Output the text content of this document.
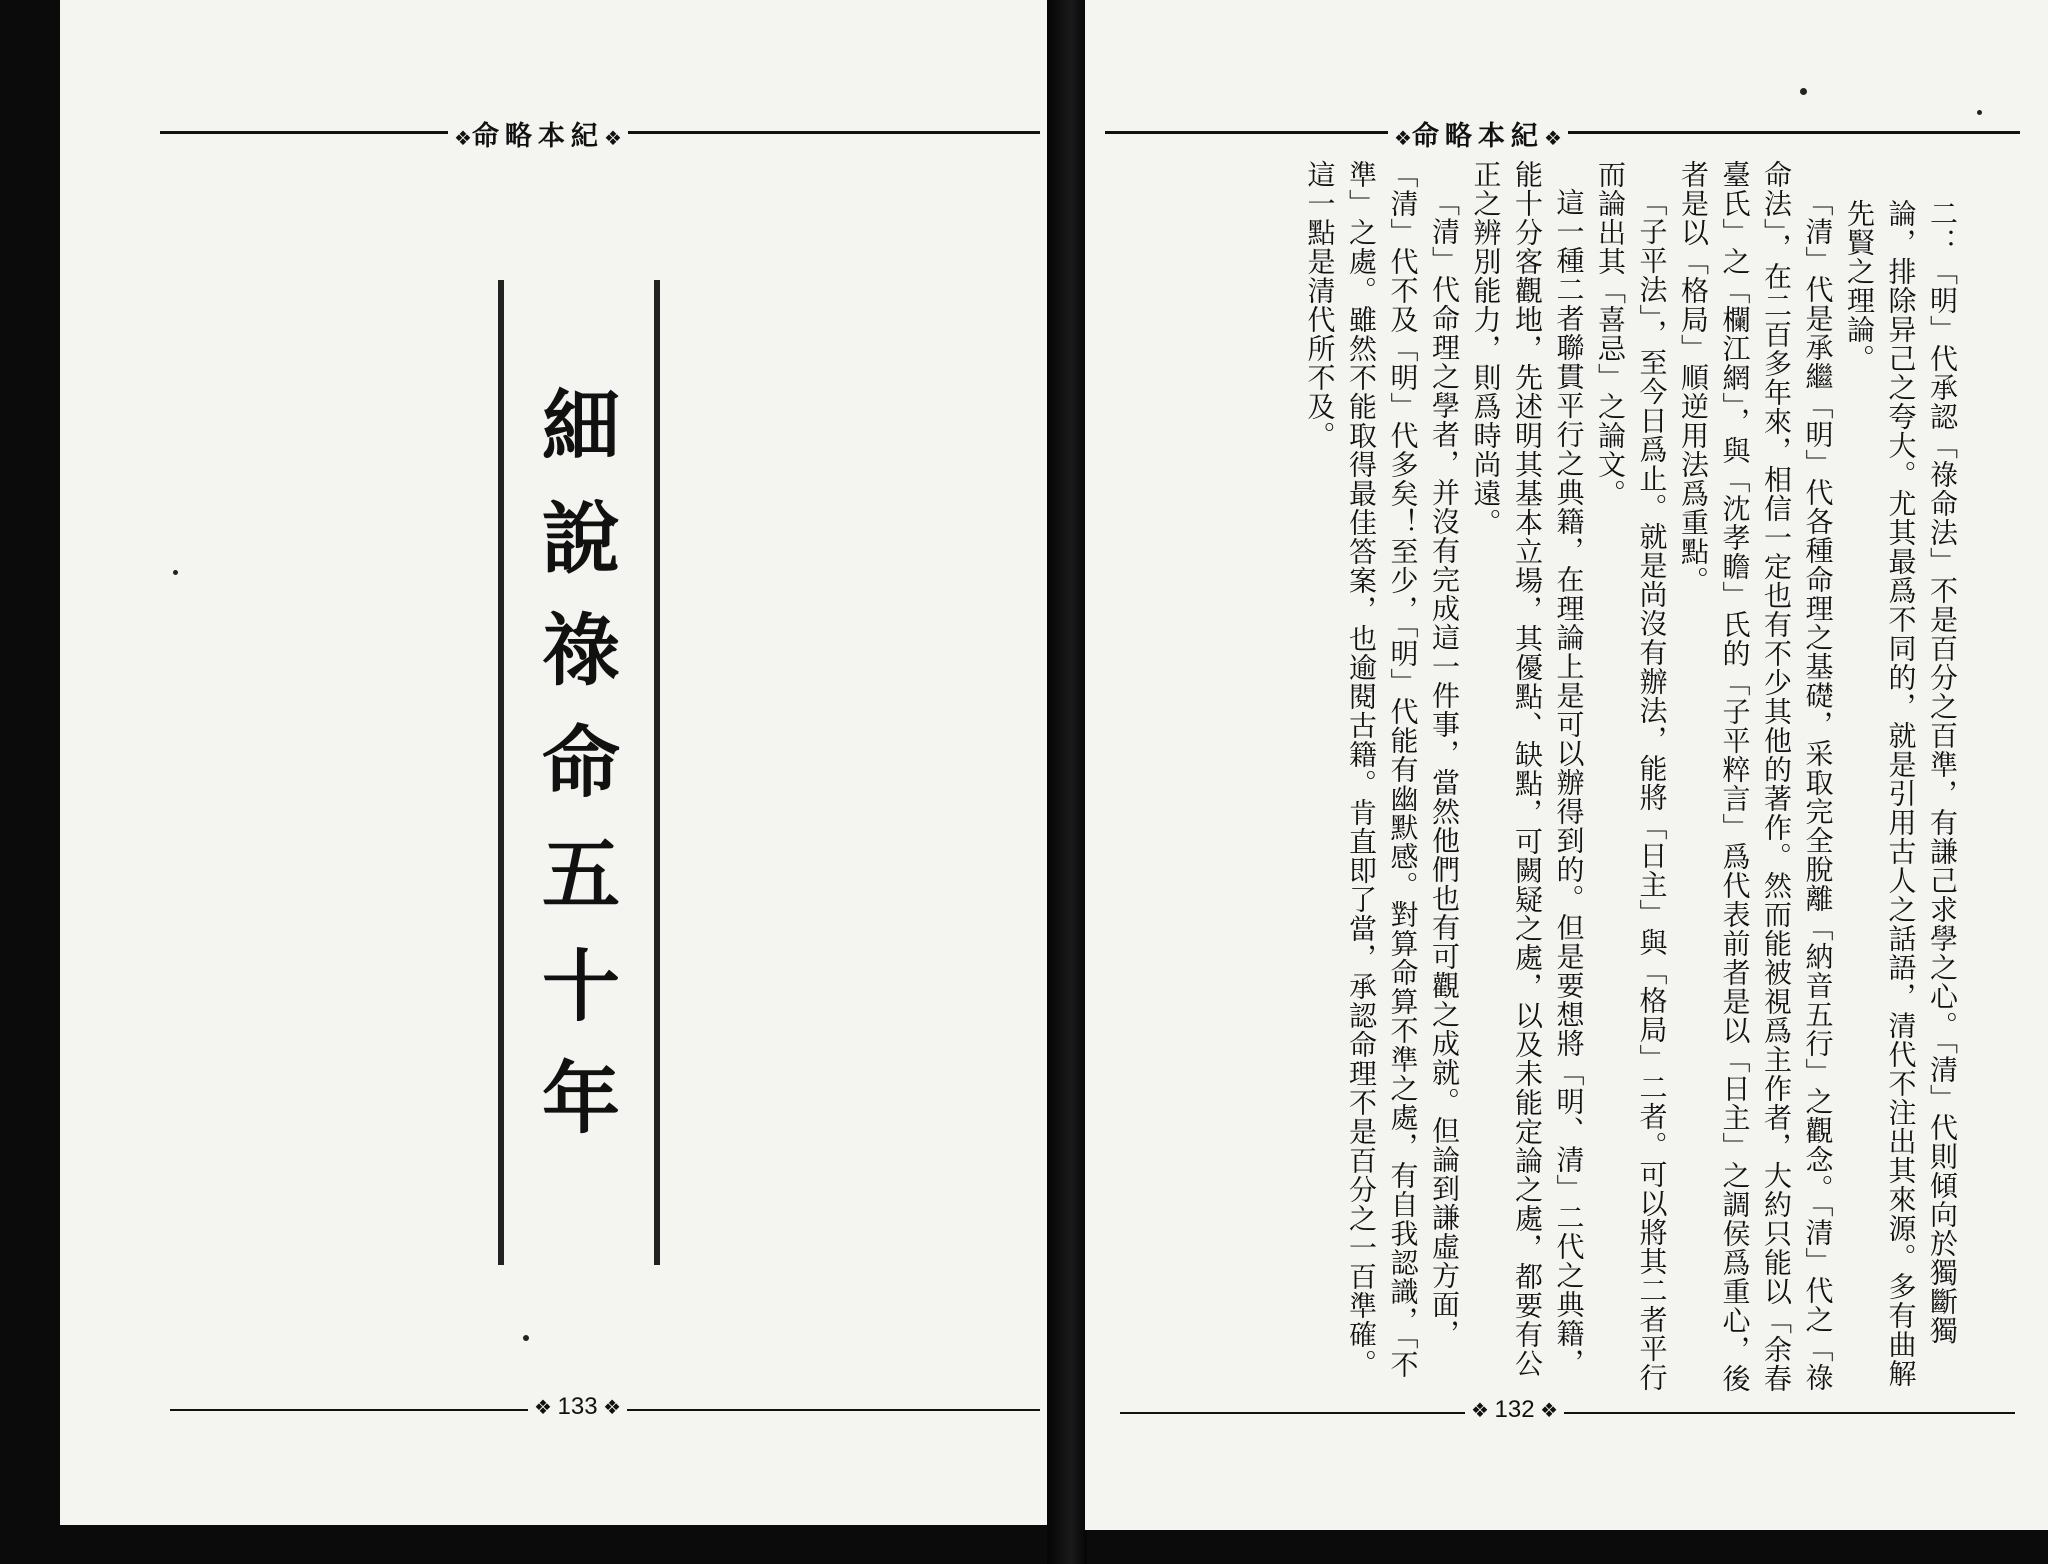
❖命略本紀❖
細說祿命五十年
❖ 133 ❖
❖命略本紀❖

二：「明」代承認「祿命法」不是百分之百準，有謙己求學之心。「清」代則傾向於獨斷獨論，排除异己之夸大。尤其最爲不同的，就是引用古人之話語，清代不注出其來源。多有曲解先賢之理論。

「清」代是承繼「明」代各種命理之基礎，采取完全脫離「納音五行」之觀念。「清」代之「祿命法」，在二百多年來，相信一定也有不少其他的著作。然而能被視爲主作者，大約只能以「余春臺氏」之「欄江網」，與「沈孝瞻」氏的「子平粹言」爲代表前者是以「日主」之調侯爲重心，後者是以「格局」順逆用法爲重點。

「子平法」，至今日爲止。就是尚沒有辦法，能將「日主」與「格局」二者。可以將其二者平行而論出其「喜忌」之論文。

這一種二者聯貫平行之典籍，在理論上是可以辦得到的。但是要想將「明、清」二代之典籍，能十分客觀地，先述明其基本立場，其優點、缺點，可闕疑之處，以及未能定論之處，都要有公正之辨別能力，則爲時尚遠。

「清」代命理之學者，并沒有完成這一件事，當然他們也有可觀之成就。但論到謙虛方面，「清」代不及「明」代多矣！至少，「明」代能有幽默感。對算命算不準之處，有自我認識，「不準」之處。雖然不能取得最佳答案，也逾閱古籍。肯直即了當，承認命理不是百分之一百準確。這一點是清代所不及。

❖ 132 ❖
